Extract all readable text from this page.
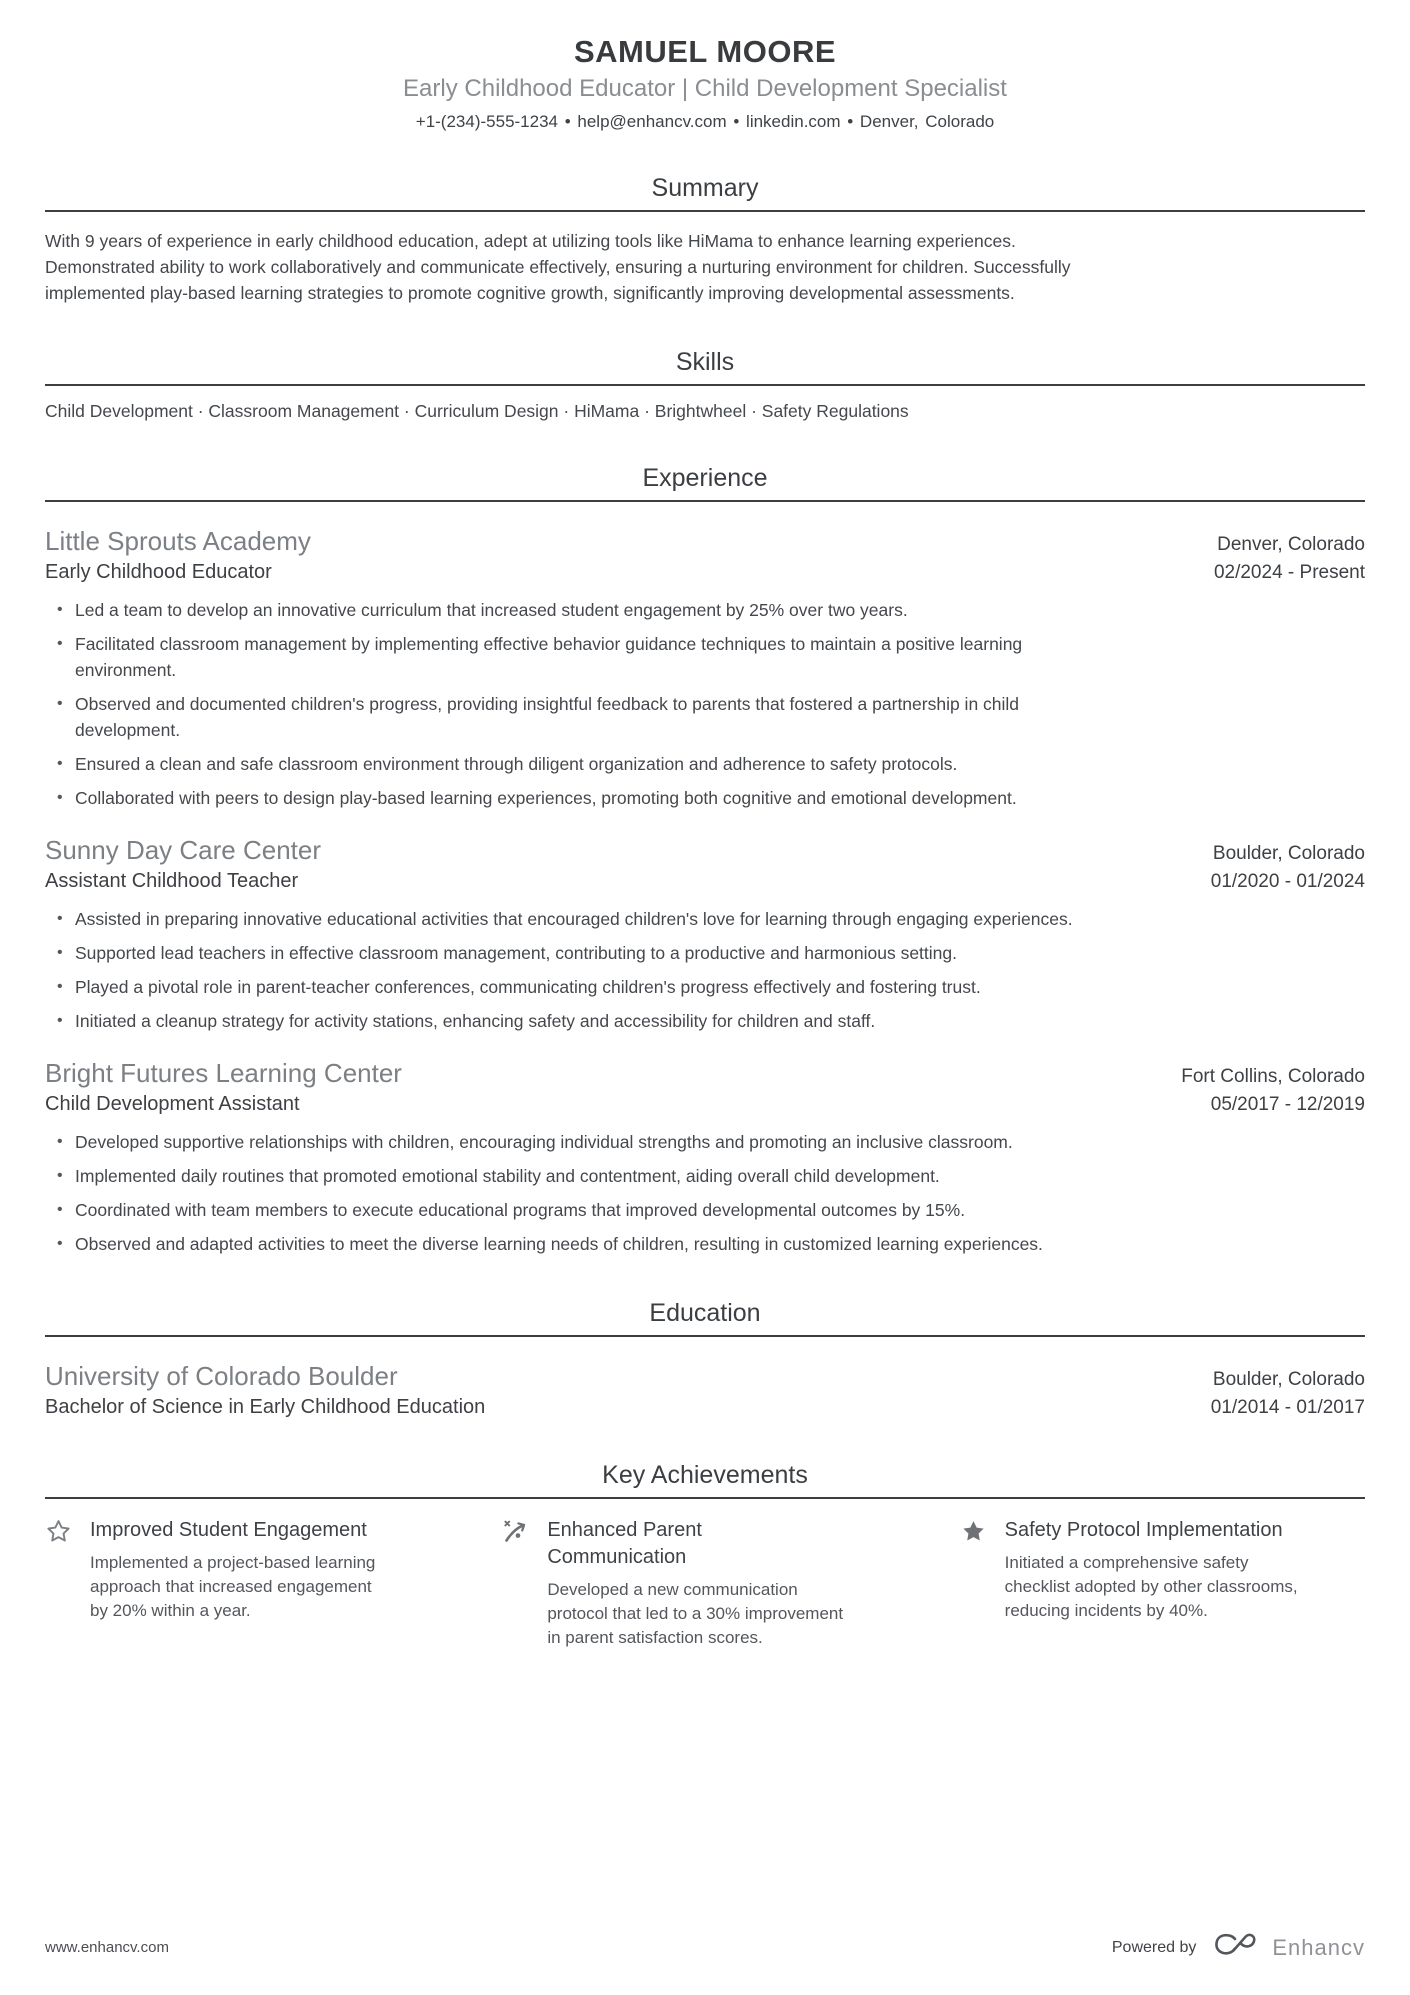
SAMUEL MOORE
Early Childhood Educator | Child Development Specialist
+1-(234)-555-1234 • help@enhancv.com • linkedin.com • Denver, Colorado
Summary

With 9 years of experience in early childhood education, adept at utilizing tools like HiMama to enhance learning experiences. Demonstrated ability to work collaboratively and communicate effectively, ensuring a nurturing environment for children. Successfully implemented play-based learning strategies to promote cognitive growth, significantly improving developmental assessments.

Skills
Child Development · Classroom Management · Curriculum Design · HiMama · Brightwheel · Safety Regulations
Experience
Little Sprouts Academy	Denver, Colorado
Early Childhood Educator	02/2024 - Present
• Led a team to develop an innovative curriculum that increased student engagement by 25% over two years.
• Facilitated classroom management by implementing effective behavior guidance techniques to maintain a positive learning environment.
• Observed and documented children's progress, providing insightful feedback to parents that fostered a partnership in child development.
• Ensured a clean and safe classroom environment through diligent organization and adherence to safety protocols.
• Collaborated with peers to design play-based learning experiences, promoting both cognitive and emotional development.
Sunny Day Care Center	Boulder, Colorado
Assistant Childhood Teacher	01/2020 - 01/2024
• Assisted in preparing innovative educational activities that encouraged children's love for learning through engaging experiences.
• Supported lead teachers in effective classroom management, contributing to a productive and harmonious setting.
• Played a pivotal role in parent-teacher conferences, communicating children's progress effectively and fostering trust.
• Initiated a cleanup strategy for activity stations, enhancing safety and accessibility for children and staff.
Bright Futures Learning Center	Fort Collins, Colorado
Child Development Assistant	05/2017 - 12/2019
• Developed supportive relationships with children, encouraging individual strengths and promoting an inclusive classroom.
• Implemented daily routines that promoted emotional stability and contentment, aiding overall child development.
• Coordinated with team members to execute educational programs that improved developmental outcomes by 15%.
• Observed and adapted activities to meet the diverse learning needs of children, resulting in customized learning experiences.
Education
University of Colorado Boulder	Boulder, Colorado
Bachelor of Science in Early Childhood Education	01/2014 - 01/2017
Key Achievements
Improved Student Engagement
Implemented a project-based learning approach that increased engagement by 20% within a year.
Enhanced Parent Communication
Developed a new communication protocol that led to a 30% improvement in parent satisfaction scores.
Safety Protocol Implementation
Initiated a comprehensive safety checklist adopted by other classrooms, reducing incidents by 40%.
www.enhancv.com	Powered by	Enhancv
